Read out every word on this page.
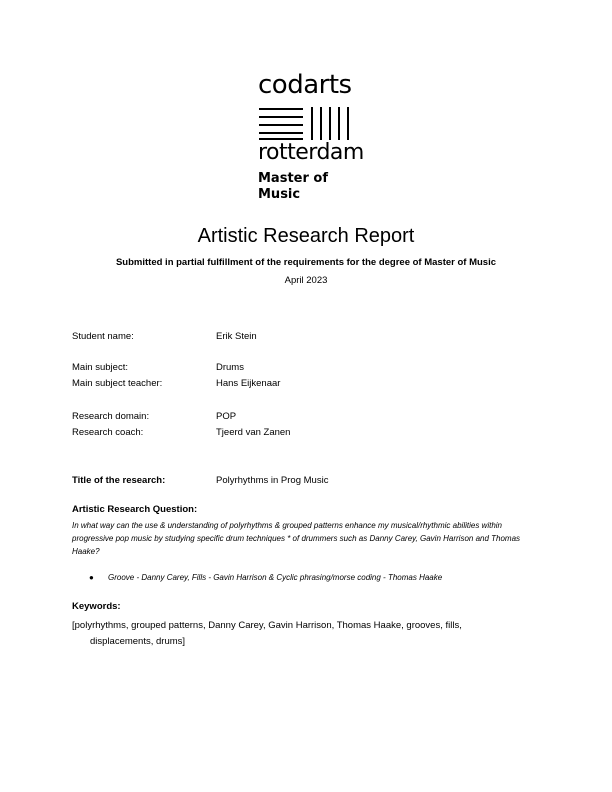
codarts
rotterdam
Master of Music
Artistic Research Report
Submitted in partial fulfillment of the requirements for the degree of Master of Music
April 2023
Student name:	Erik Stein
Main subject:	Drums
Main subject teacher:	Hans Eijkenaar
Research domain:	POP
Research coach:	Tjeerd van Zanen
Title of the research:	Polyrhythms in Prog Music
Artistic Research Question:
In what way can the use & understanding of polyrhythms & grouped patterns enhance my musical/rhythmic abilities within progressive pop music by studying specific drum techniques * of drummers such as Danny Carey, Gavin Harrison and Thomas Haake?
● Groove - Danny Carey, Fills - Gavin Harrison & Cyclic phrasing/morse coding - Thomas Haake
Keywords:
[polyrhythms, grouped patterns, Danny Carey, Gavin Harrison, Thomas Haake, grooves, fills, displacements, drums]
